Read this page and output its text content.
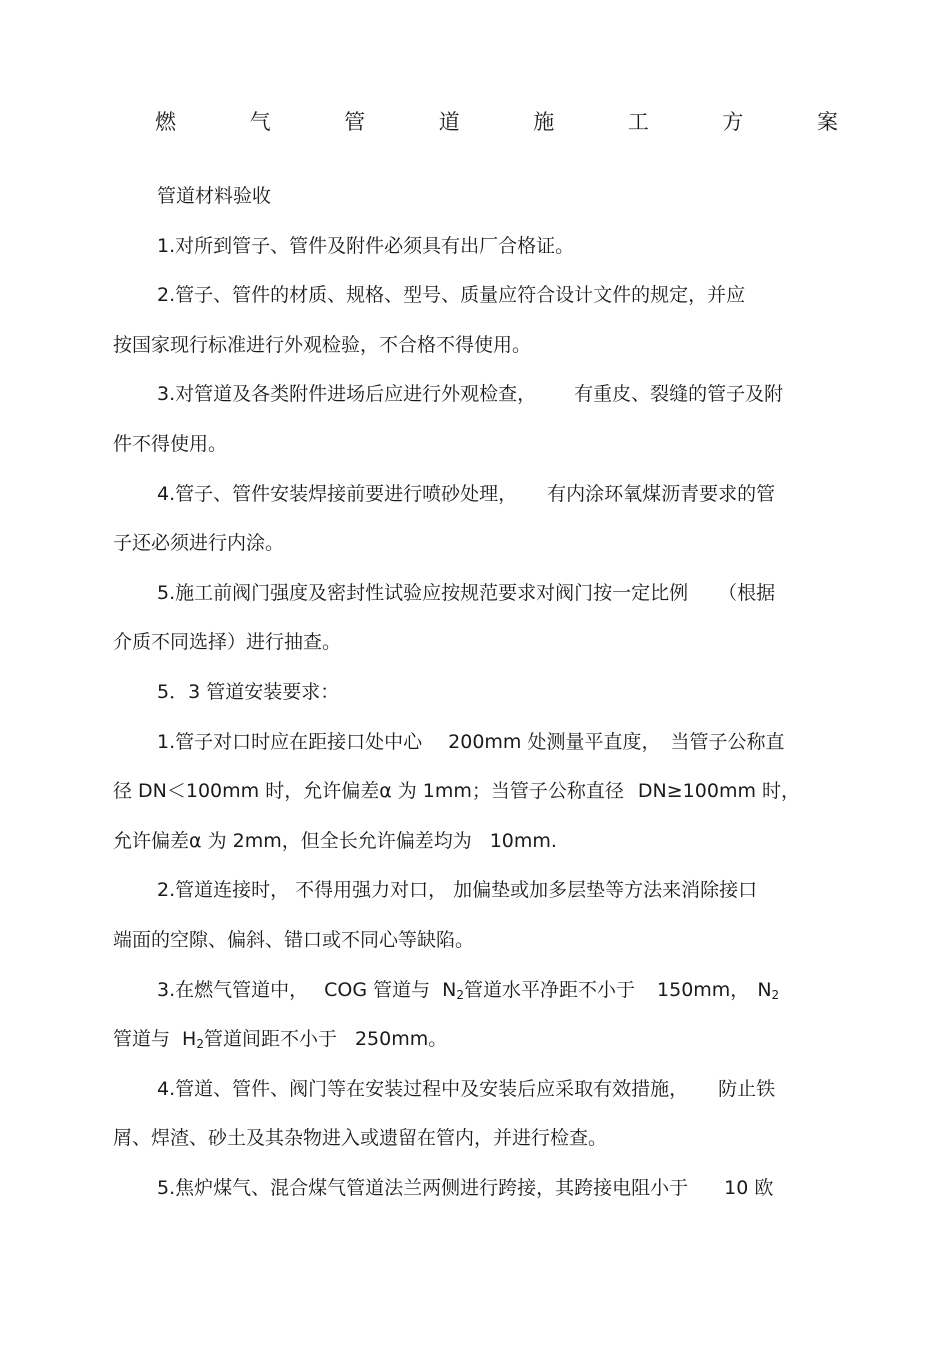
燃	气	管	道	施	工	方	案

管道材料验收

1.对所到管子、管件及附件必须具有出厂合格证。

2.管子、管件的材质、规格、型号、质量应符合设计文件的规定，并应
按国家现行标准进行外观检验，不合格不得使用。

3.对管道及各类附件进场后应进行外观检查， 有重皮、裂缝的管子及附
件不得使用。

4.管子、管件安装焊接前要进行喷砂处理， 有内涂环氧煤沥青要求的管
子还必须进行内涂。

5.施工前阀门强度及密封性试验应按规范要求对阀门按一定比例 （根据
介质不同选择）进行抽查。

5．3 管道安装要求：

1.管子对口时应在距接口处中心 200mm 处测量平直度， 当管子公称直
径 DN＜100mm 时，允许偏差α 为 1mm；当管子公称直径 DN≥100mm 时，
允许偏差α 为 2mm，但全长允许偏差均为 10mm.

2.管道连接时， 不得用强力对口， 加偏垫或加多层垫等方法来消除接口
端面的空隙、偏斜、错口或不同心等缺陷。

3.在燃气管道中， COG 管道与 $N_2$管道水平净距不小于 150mm， $N_2$
管道与 $H_2$管道间距不小于 250mm。

4.管道、管件、阀门等在安装过程中及安装后应采取有效措施， 防止铁
屑、焊渣、砂土及其杂物进入或遗留在管内，并进行检查。

5.焦炉煤气、混合煤气管道法兰两侧进行跨接，其跨接电阻小于 10 欧
